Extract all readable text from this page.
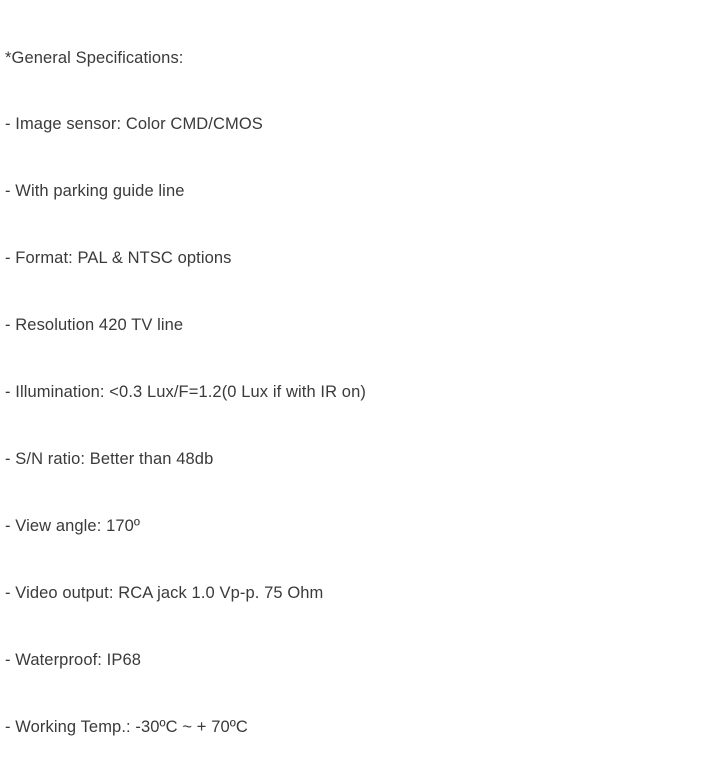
*General Specifications:

- Image sensor: Color CMD/CMOS

- With parking guide line

- Format: PAL & NTSC options

- Resolution 420 TV line

- Illumination: <0.3 Lux/F=1.2(0 Lux if with IR on)

- S/N ratio: Better than 48db

- View angle: 170º

- Video output: RCA jack 1.0 Vp-p. 75 Ohm

- Waterproof: IP68

- Working Temp.: -30ºC ~ + 70ºC
